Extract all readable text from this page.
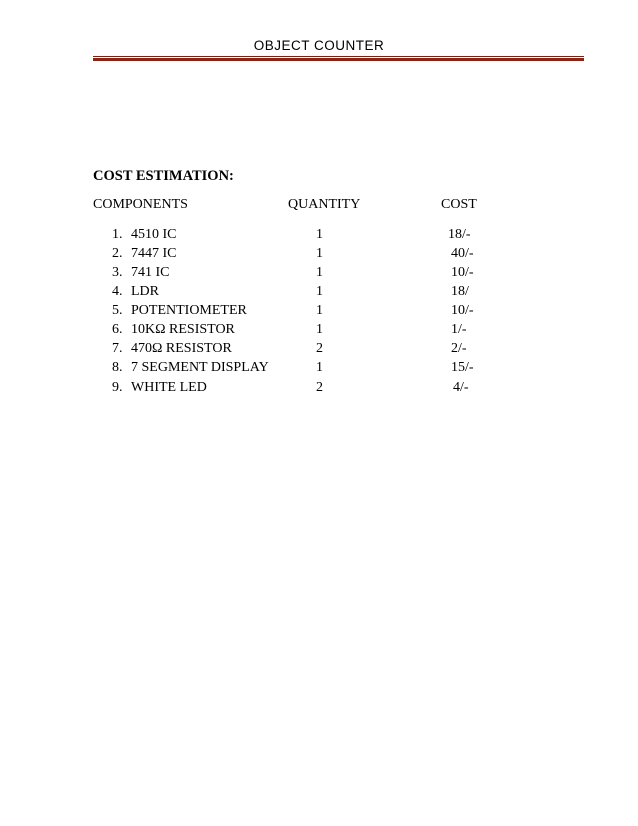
OBJECT COUNTER
COST ESTIMATION:
COMPONENTS	QUANTITY	COST
1. 4510 IC	1	18/-
2. 7447 IC	1	40/-
3. 741 IC	1	10/-
4. LDR	1	18/
5. POTENTIOMETER	1	10/-
6. 10KΩ RESISTOR	1	1/-
7. 470Ω RESISTOR	2	2/-
8. 7 SEGMENT DISPLAY	1	15/-
9. WHITE LED	2	4/-
